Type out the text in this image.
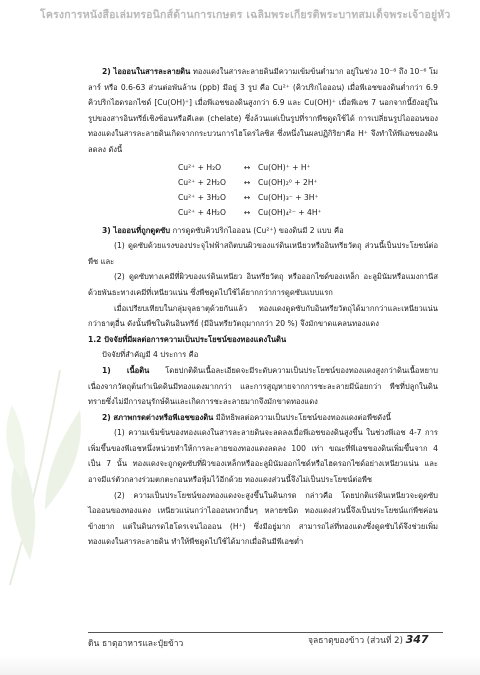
โครงการหนังสือเล่มทรอนิกส์ด้านการเกษตร เฉลิมพระเกียรติพระบาทสมเด็จพระเจ้าอยู่หัว

2) ไอออนในสารละลายดิน ทองแดงในสารละลายดินมีความเข้มข้นต่ำมาก อยู่ในช่วง 10⁻⁸ ถึง 10⁻⁶ โมลาร์ หรือ 0.6-63 ส่วนต่อพันล้าน (ppb) มีอยู่ 3 รูป คือ Cu²⁺ (คิวปริกไอออน) เมื่อพีเอชของดินต่ำกว่า 6.9 คิวปริกไฮดรอกไซด์ [Cu(OH)⁺] เมื่อพีเอชของดินสูงกว่า 6.9 และ Cu(OH)⁺ เมื่อพีเอช 7 นอกจากนี้ยังอยู่ในรูปของสารอินทรีย์เชิงซ้อนหรือคีเลต (chelate) ซึ่งล้วนแต่เป็นรูปที่รากพืชดูดใช้ได้ การเปลี่ยนรูปไอออนของทองแดงในสารละลายดินเกิดจากกระบวนการไฮโดรไลซิส ซึ่งหนึ่งในผลปฏิกิริยาคือ H⁺ จึงทำให้พีเอชของดินลดลง ดังนี้

Cu²⁺ + H₂O	↔ Cu(OH)⁺ + H⁺
Cu²⁺ + 2H₂O ↔ Cu(OH)₂⁰ + 2H⁺
Cu²⁺ + 3H₂O ↔ Cu(OH)₃⁻ + 3H⁺
Cu²⁺ + 4H₂O ↔ Cu(OH)₄²⁻ + 4H⁺

3) ไอออนที่ถูกดูดซับ การดูดซับคิวปริกไอออน (Cu²⁺) ของดินมี 2 แบบ คือ

(1) ดูดซับด้วยแรงของประจุไฟฟ้าสถิตบนผิวของแร่ดินเหนียวหรืออินทรียวัตถุ ส่วนนี้เป็นประโยชน์ต่อพืช และ

(2) ดูดซับทางเคมีที่ผิวของแร่ดินเหนียว อินทรียวัตถุ หรือออกไซด์ของเหล็ก อะลูมินัมหรือแมงกานีส ด้วยพันธะทางเคมีที่เหนียวแน่น ซึ่งพืชดูดไปใช้ได้ยากกว่าการดูดซับแบบแรก

เมื่อเปรียบเทียบในกลุ่มจุลธาตุด้วยกันแล้ว ทองแดงดูดซับกับอินทรียวัตถุได้มากกว่าและเหนียวแน่นกว่าธาตุอื่น ดังนั้นพืชในดินอินทรีย์ (มีอินทรียวัตถุมากกว่า 20 %) จึงมักขาดแคลนทองแดง

1.2 ปัจจัยที่มีผลต่อการความเป็นประโยชน์ของทองแดงในดิน

ปัจจัยที่สำคัญมี 4 ประการ คือ

1) เนื้อดิน โดยปกติดินเนื้อละเอียดจะมีระดับความเป็นประโยชน์ของทองแดงสูงกว่าดินเนื้อหยาบ เนื่องจากวัตถุต้นกำเนิดดินมีทองแดงมากกว่า และการสูญหายจากการชะละลายมีน้อยกว่า พืชที่ปลูกในดินทรายซึ่งไม่มีการอนุรักษ์ดินและเกิดการชะละลายมากจึงมักขาดทองแดง

2) สภาพกรดต่างหรือพีเอชของดิน มีอิทธิพลต่อความเป็นประโยชน์ของทองแดงต่อพืชดังนี้

(1) ความเข้มข้นของทองแดงในสารละลายดินจะลดลงเมื่อพีเอชของดินสูงขึ้น ในช่วงพีเอช 4-7 การเพิ่มขึ้นของพีเอชหนึ่งหน่วยทำให้การละลายของทองแดงลดลง 100 เท่า ขณะที่พีเอชของดินเพิ่มขึ้นจาก 4 เป็น 7 นั้น ทองแดงจะถูกดูดซับที่ผิวของเหล็กหรืออะลูมินัมออกไซด์หรือไฮดรอกไซด์อย่างเหนียวแน่น และอาจมีแร่ตัวกลางร่วมตกตะกอนหรือหุ้มไว้อีกด้วย ทองแดงส่วนนี้จึงไม่เป็นประโยชน์ต่อพืช

(2) ความเป็นประโยชน์ของทองแดงจะสูงขึ้นในดินกรด กล่าวคือ โดยปกติแร่ดินเหนียวจะดูดซับไอออนของทองแดง เหนียวแน่นกว่าไอออนพวกอื่นๆ หลายชนิด ทองแดงส่วนนี้จึงเป็นประโยชน์แก่พืชค่อนข้างยาก แต่ในดินกรดไฮโดรเจนไอออน (H⁺) ซึ่งมีอยู่มาก สามารถไล่ที่ทองแดงซึ่งดูดซับได้จึงช่วยเพิ่มทองแดงในสารละลายดิน ทำให้พืชดูดไปใช้ได้มากเมื่อดินมีพีเอชต่ำ

ดิน ธาตุอาหารและปุ๋ยข้าว	จุลธาตุของข้าว (ส่วนที่ 2) 347
